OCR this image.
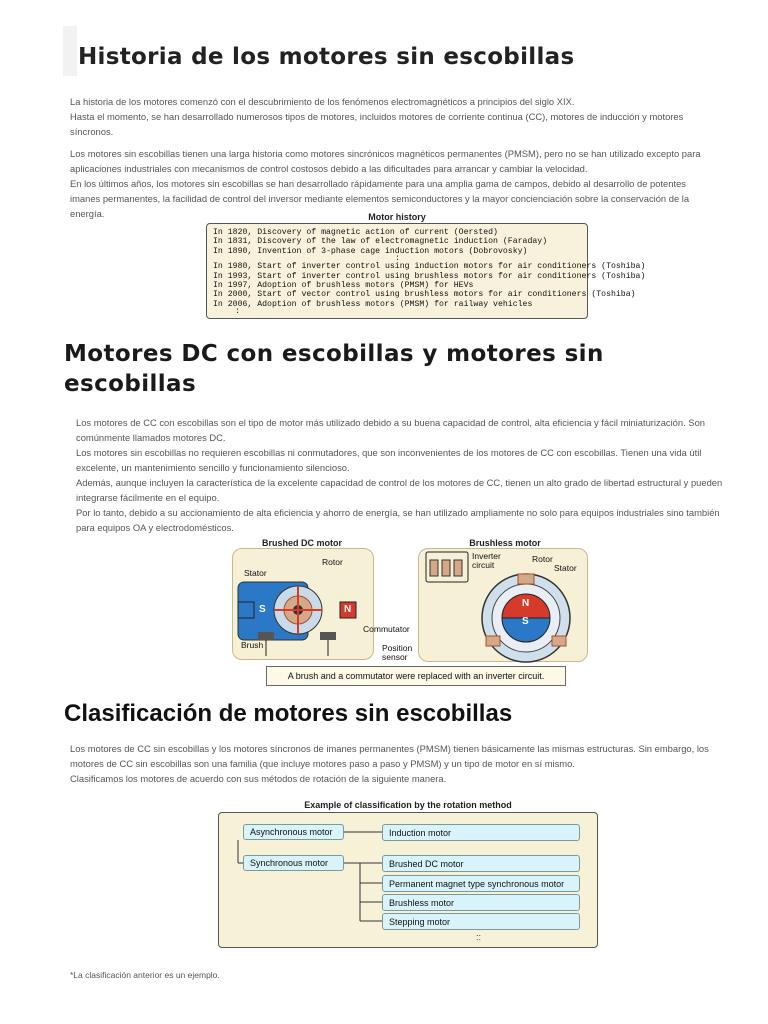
Historia de los motores sin escobillas

La historia de los motores comenzó con el descubrimiento de los fenómenos electromagnéticos a principios del siglo XIX.

Hasta el momento, se han desarrollado numerosos tipos de motores, incluidos motores de corriente continua (CC), motores de inducción y motores síncronos.

Los motores sin escobillas tienen una larga historia como motores sincrónicos magnéticos permanentes (PMSM), pero no se han utilizado excepto para aplicaciones industriales con mecanismos de control costosos debido a las dificultades para arrancar y cambiar la velocidad.

En los últimos años, los motores sin escobillas se han desarrollado rápidamente para una amplia gama de campos, debido al desarrollo de potentes imanes permanentes, la facilidad de control del inversor mediante elementos semiconductores y la mayor concienciación sobre la conservación de la energía.	Motor history
In 1820, Discovery of magnetic action of current (Oersted)
In 1831, Discovery of the law of electromagnetic induction (Faraday)
In 1890, Invention of 3-phase cage induction motors (Dobrovosky)
:
In 1980, Start of inverter control using induction motors for air conditioners (Toshiba)
In 1993, Start of inverter control using brushless motors for air conditioners (Toshiba)
In 1997, Adoption of brushless motors (PMSM) for HEVs
In 2000, Start of vector control using brushless motors for air conditioners (Toshiba)
In 2006, Adoption of brushless motors (PMSM) for railway vehicles
:
Motores DC con escobillas y motores sin escobillas

Los motores de CC con escobillas son el tipo de motor más utilizado debido a su buena capacidad de control, alta eficiencia y fácil miniaturización. Son comúnmente llamados motores DC.

Los motores sin escobillas no requieren escobillas ni conmutadores, que son inconvenientes de los motores de CC con escobillas. Tienen una vida útil excelente, un mantenimiento sencillo y funcionamiento silencioso.

Además, aunque incluyen la característica de la excelente capacidad de control de los motores de CC, tienen un alto grado de libertad estructural y pueden integrarse fácilmente en el equipo.

Por lo tanto, debido a su accionamiento de alta eficiencia y ahorro de energía, se han utilizado ampliamente no solo para equipos industriales sino también para equipos OA y electrodomésticos.

Brushed DC motor	Brushless motor
Stator
Rotor
Brush
Commutator
Position sensor
Inverter circuit
Rotor
Stator
S	N
N
S
A brush and a commutator were replaced with an inverter circuit.
Clasificación de motores sin escobillas

Los motores de CC sin escobillas y los motores síncronos de imanes permanentes (PMSM) tienen básicamente las mismas estructuras. Sin embargo, los motores de CC sin escobillas son una familia (que incluye motores paso a paso y PMSM) y un tipo de motor en sí mismo.

Clasificamos los motores de acuerdo con sus métodos de rotación de la siguiente manera.

Example of classification by the rotation method
Asynchronous motor
Synchronous motor
Induction motor
Brushed DC motor
Permanent magnet type synchronous motor
Brushless motor
Stepping motor
::
*La clasificación anterior es un ejemplo.
